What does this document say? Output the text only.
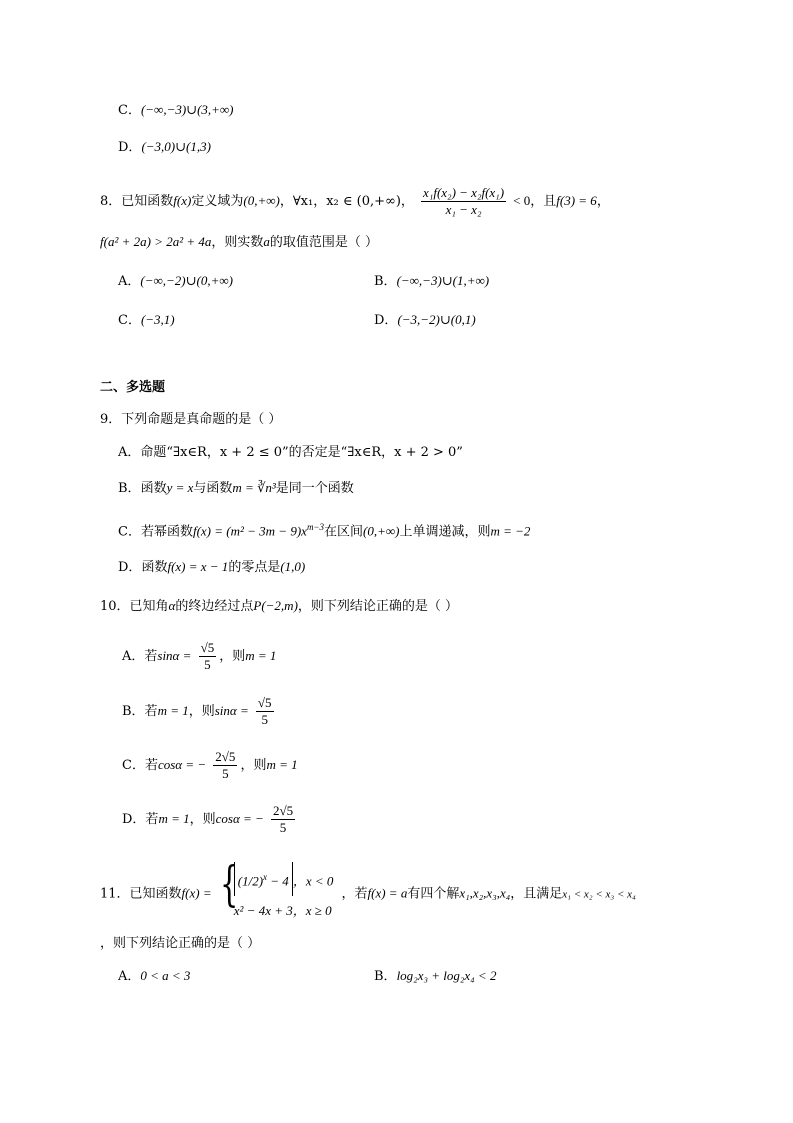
C．(−∞,−3)∪(3,+∞)
D．(−3,0)∪(1,3)
8．已知函数f(x)定义域为(0,+∞)，∀x₁，x₂ ∈ (0,+∞)， $\frac{\text{x₁f(x₂) − x₂f(x₁)}}{\text{x₁ − x₂}} < 0$，且f(3) = 6，
f(a² + 2a) > 2a² + 4a，则实数a的取值范围是（ ）
A．(−∞,−2)∪(0,+∞)	B．(−∞,−3)∪(1,+∞)
C．(−3,1)	D．(−3,−2)∪(0,1)
二、多选题
9．下列命题是真命题的是（ ）
A．命题“∃x∈R，x + 2 ≤ 0”的否定是“∃x∈R，x + 2 > 0”
B．函数y = x与函数m = ∛n³是同一个函数
C．若幂函数$f(x) = (m^2 - 3m - 9)x^{m-3}$在区间(0,+∞)上单调递减，则m = −2
D．函数f(x) = x − 1的零点是(1,0)
10．已知角α的终边经过点P(−2,m)，则下列结论正确的是（ ）
A．若$\sin\alpha = \frac{√5}{5}$ ，则m = 1
B．若m = 1，则$\sin\alpha = \frac{√5}{5}$
C．若cosα = − $\frac{2√5}{5}$ ，则m = 1
D．若m = 1，则cosα = − $\frac{2√5}{5}$
11．已知函数f(x) = { $(1/2)^x - 4$ ，x < 0
x² − 4x + 3，x ≥ 0
，若f(x) = a有四个解x₁,x₂,x₃,x₄，且满足x₁ < x₂ < x₃ < x₄
，则下列结论正确的是（ ）
A．0 < a < 3	B．log₂x₃ + log₂x₄ < 2
